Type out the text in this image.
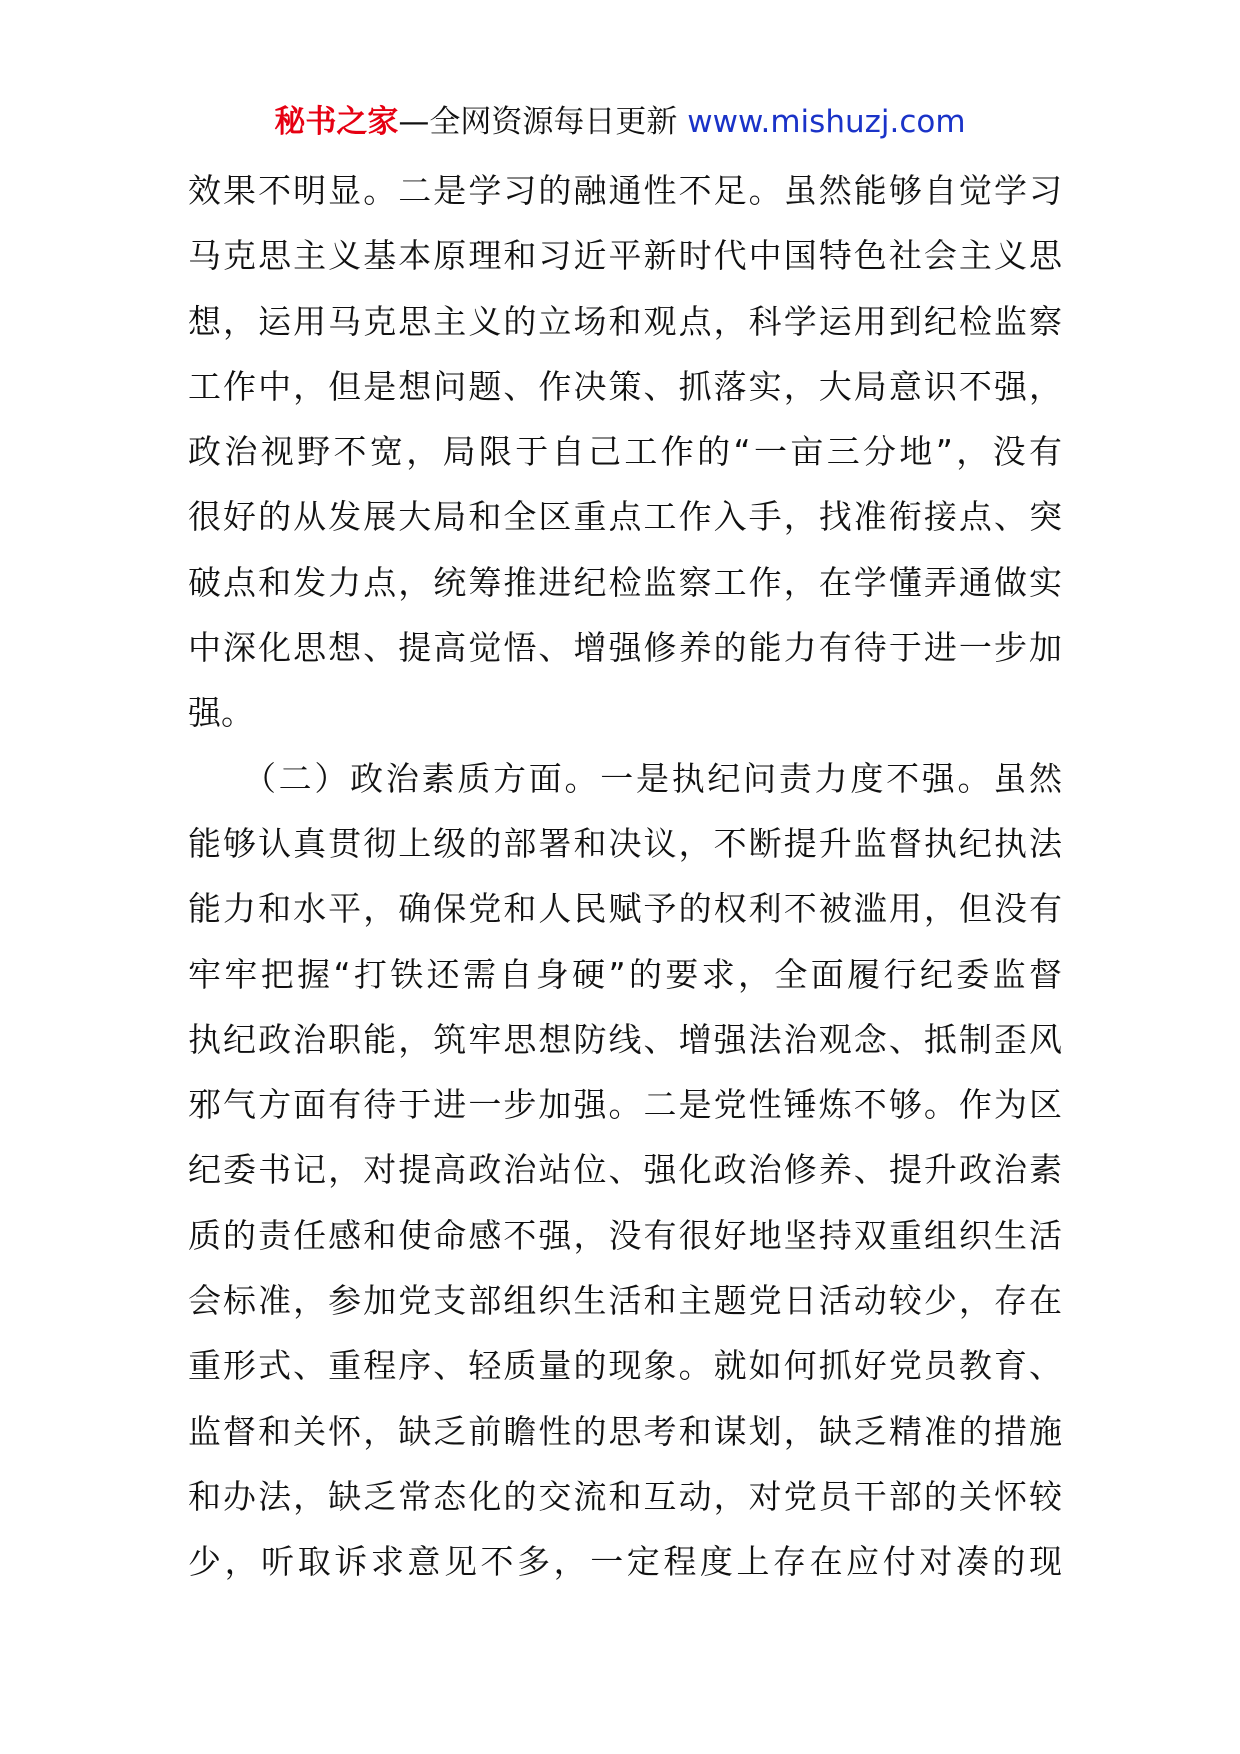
秘书之家—全网资源每日更新 www.mishuzj.com
效果不明显。二是学习的融通性不足。虽然能够自觉学习
马克思主义基本原理和习近平新时代中国特色社会主义思
想，运用马克思主义的立场和观点，科学运用到纪检监察
工作中，但是想问题、作决策、抓落实，大局意识不强，
政治视野不宽，局限于自己工作的“一亩三分地”，没有
很好的从发展大局和全区重点工作入手，找准衔接点、突
破点和发力点，统筹推进纪检监察工作，在学懂弄通做实
中深化思想、提高觉悟、增强修养的能力有待于进一步加
强。
　　（二）政治素质方面。一是执纪问责力度不强。虽然
能够认真贯彻上级的部署和决议，不断提升监督执纪执法
能力和水平，确保党和人民赋予的权利不被滥用，但没有
牢牢把握“打铁还需自身硬”的要求，全面履行纪委监督
执纪政治职能，筑牢思想防线、增强法治观念、抵制歪风
邪气方面有待于进一步加强。二是党性锤炼不够。作为区
纪委书记，对提高政治站位、强化政治修养、提升政治素
质的责任感和使命感不强，没有很好地坚持双重组织生活
会标准，参加党支部组织生活和主题党日活动较少，存在
重形式、重程序、轻质量的现象。就如何抓好党员教育、
监督和关怀，缺乏前瞻性的思考和谋划，缺乏精准的措施
和办法，缺乏常态化的交流和互动，对党员干部的关怀较
少，听取诉求意见不多，一定程度上存在应付对凑的现
